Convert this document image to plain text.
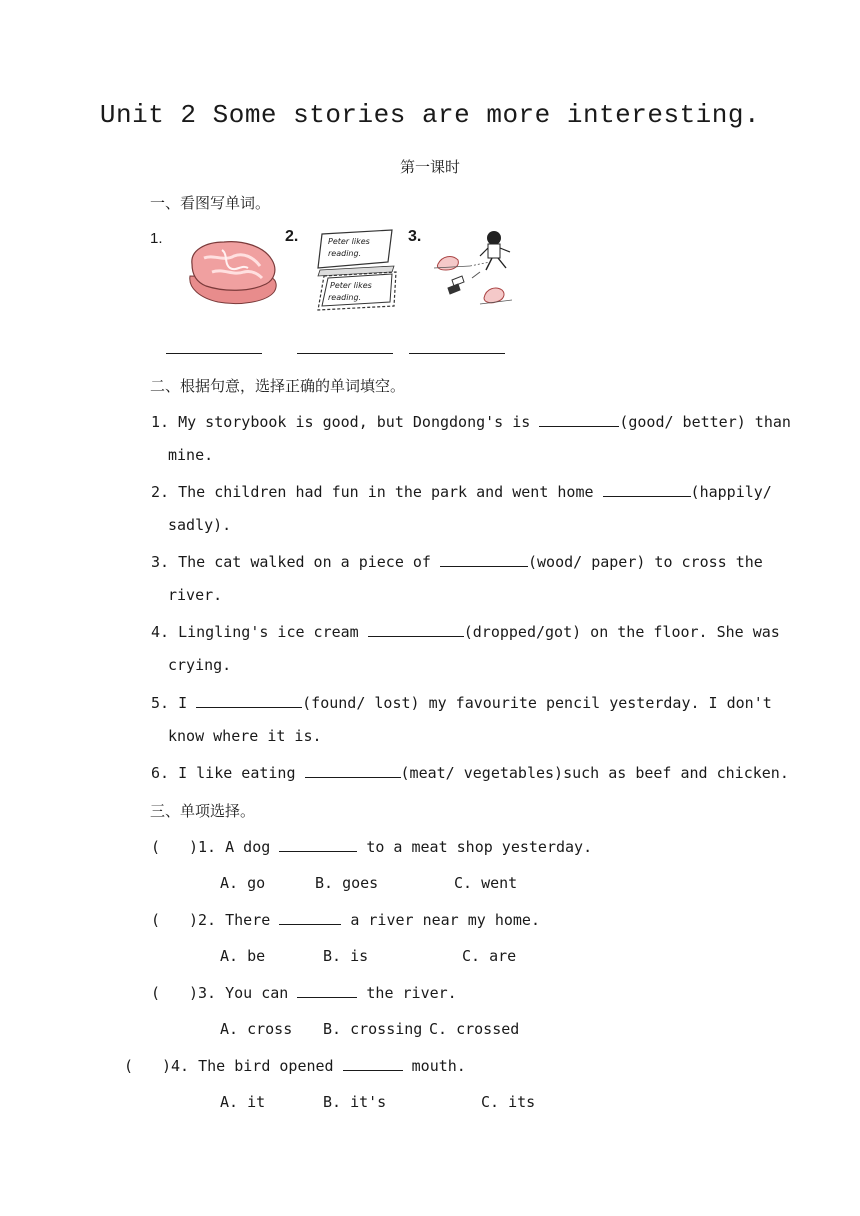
Unit 2 Some stories are more interesting.
第一课时
一、看图写单词。
1.	2.	3.
Peter likes
reading.
Peter likes
reading.
二、根据句意，选择正确的单词填空。
1. My storybook is good, but Dongdong's is	(good/ better) than
mine.
2. The children had fun in the park and went home	(happily/
sadly).
3. The cat walked on a piece of	(wood/ paper) to cross the
river.
4. Lingling's ice cream	(dropped/got) on the floor. She was
crying.
5. I	(found/ lost) my favourite pencil yesterday. I don't
know where it is.
6. I like eating	(meat/ vegetables)such as beef and chicken.
三、单项选择。
( )1. A dog	to a meat shop yesterday.
A. go	B. goes	C. went
( )2. There	a river near my home.
A. be	B. is	C. are
( )3. You can	the river.
A. cross B. crossing C. crossed
( )4. The bird opened	mouth.
A. it	B. it's	C. its
